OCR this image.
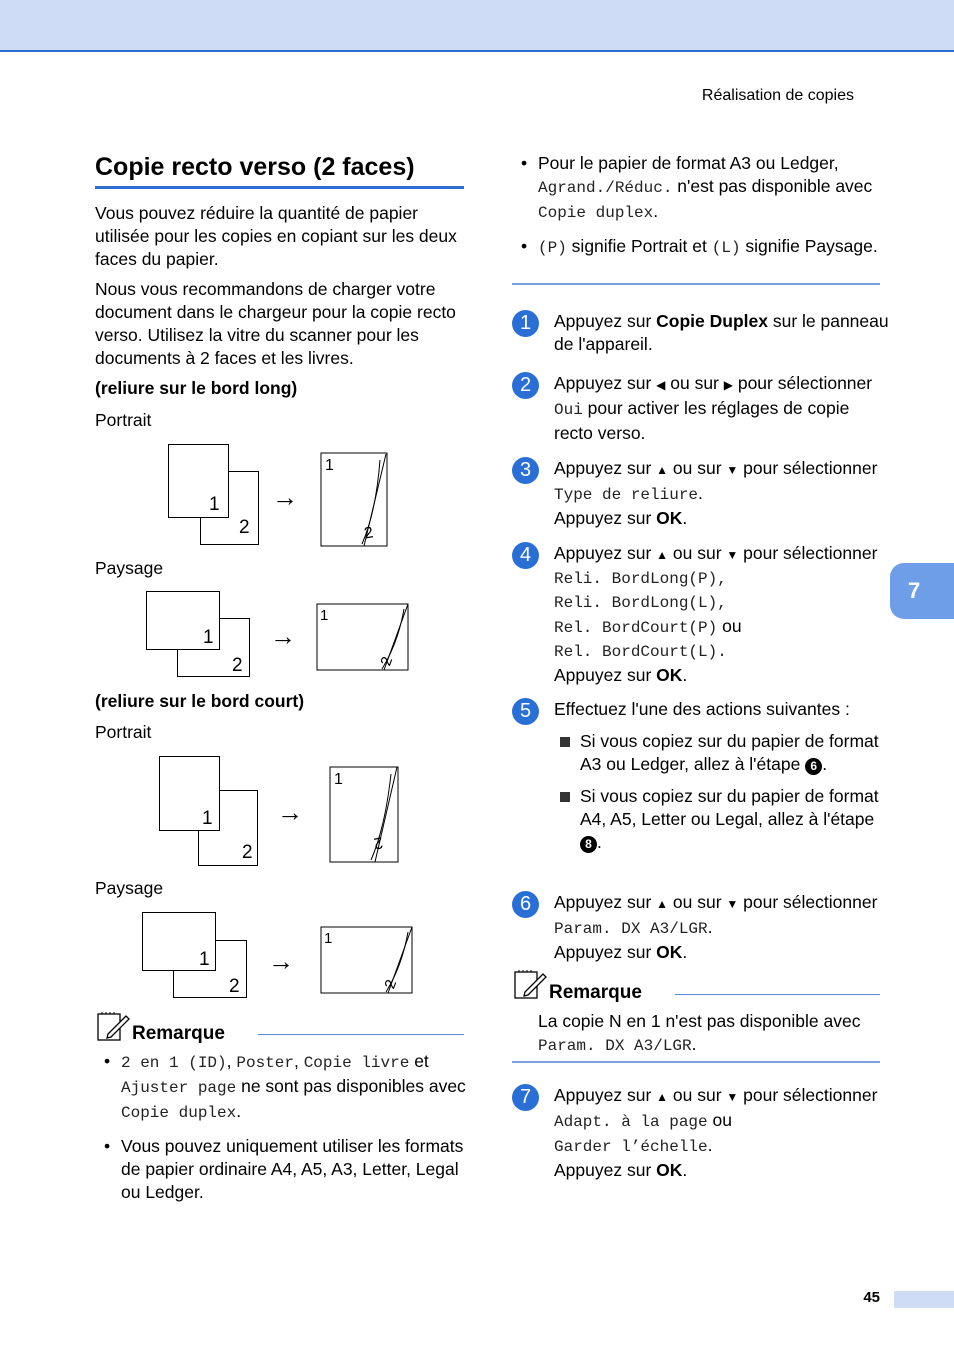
Réalisation de copies
Copie recto verso (2 faces)

Vous pouvez réduire la quantité de papier utilisée pour les copies en copiant sur les deux faces du papier.

Nous vous recommandons de charger votre document dans le chargeur pour la copie recto verso. Utilisez la vitre du scanner pour les documents à 2 faces et les livres.

(reliure sur le bord long)
Portrait
2
1 →
1
2
Paysage
2
1 →
1
2
(reliure sur le bord court)
Portrait
2
1 →
1
2
Paysage
2
1 →
1
2
Remarque
• 2 en 1 (ID), Poster, Copie livre et Ajuster page ne sont pas disponibles avec Copie duplex.
• Vous pouvez uniquement utiliser les formats de papier ordinaire A4, A5, A3, Letter, Legal ou Ledger.
• Pour le papier de format A3 ou Ledger, Agrand./Réduc. n'est pas disponible avec Copie duplex.
• (P) signifie Portrait et (L) signifie Paysage.
1	Appuyez sur Copie Duplex sur le panneau de l'appareil.
2	Appuyez sur ◀ ou sur ▶ pour sélectionner Oui pour activer les réglages de copie recto verso.
3	Appuyez sur ▲ ou sur ▼ pour sélectionner
Type de reliure.
Appuyez sur OK.
4	Appuyez sur ▲ ou sur ▼ pour sélectionner
Reli. BordLong(P),
Reli. BordLong(L),
Rel. BordCourt(P) ou
Rel. BordCourt(L).
Appuyez sur OK.
5	Effectuez l'une des actions suivantes :
Si vous copiez sur du papier de format A3 ou Ledger, allez à l'étape 6 .
Si vous copiez sur du papier de format A4, A5, Letter ou Legal, allez à l'étape 8 .
6	Appuyez sur ▲ ou sur ▼ pour sélectionner
Param. DX A3/LGR.
Appuyez sur OK.
Remarque
La copie N en 1 n'est pas disponible avec Param. DX A3/LGR.
7	Appuyez sur ▲ ou sur ▼ pour sélectionner
Adapt. à la page ou
Garder l’échelle.
Appuyez sur OK.
7
45
